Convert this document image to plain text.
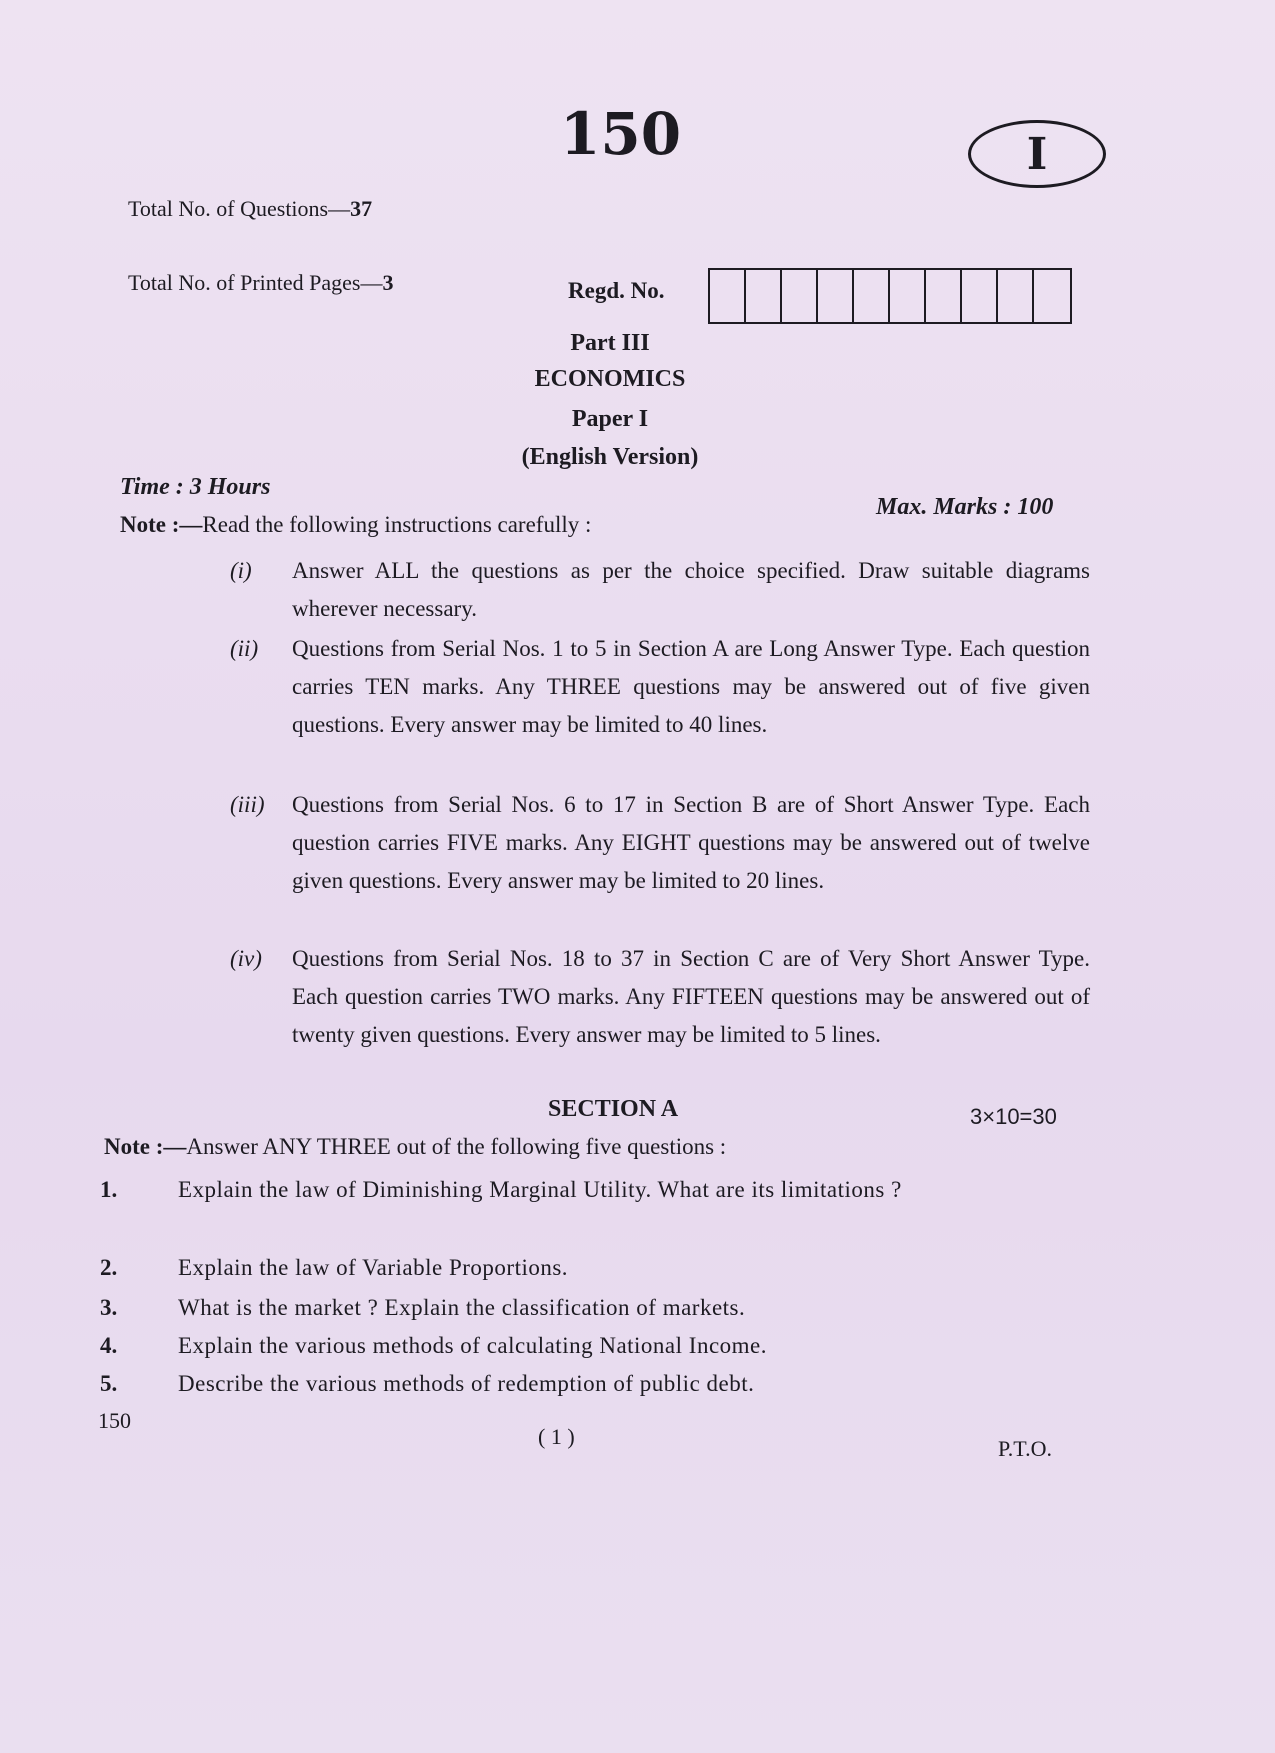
150	I
Total No. of Questions—37
Total No. of Printed Pages—3	Regd. No.
Part III
ECONOMICS
Paper I
(English Version)
Time : 3 Hours
Max. Marks : 100
Note :—Read the following instructions carefully :
(i) Answer ALL the questions as per the choice specified. Draw suitable diagrams wherever necessary.
(ii) Questions from Serial Nos. 1 to 5 in Section A are Long Answer Type. Each question carries TEN marks. Any THREE questions may be answered out of five given questions. Every answer may be limited to 40 lines.
(iii) Questions from Serial Nos. 6 to 17 in Section B are of Short Answer Type. Each question carries FIVE marks. Any EIGHT questions may be answered out of twelve given questions. Every answer may be limited to 20 lines.
(iv) Questions from Serial Nos. 18 to 37 in Section C are of Very Short Answer Type. Each question carries TWO marks. Any FIFTEEN questions may be answered out of twenty given questions. Every answer may be limited to 5 lines.
SECTION A	3×10=30
Note :—Answer ANY THREE out of the following five questions :
1.	Explain the law of Diminishing Marginal Utility. What are its limitations ?
2.	Explain the law of Variable Proportions.
3.	What is the market ? Explain the classification of markets.
4.	Explain the various methods of calculating National Income.
5.	Describe the various methods of redemption of public debt.
150
( 1 )	P.T.O.
